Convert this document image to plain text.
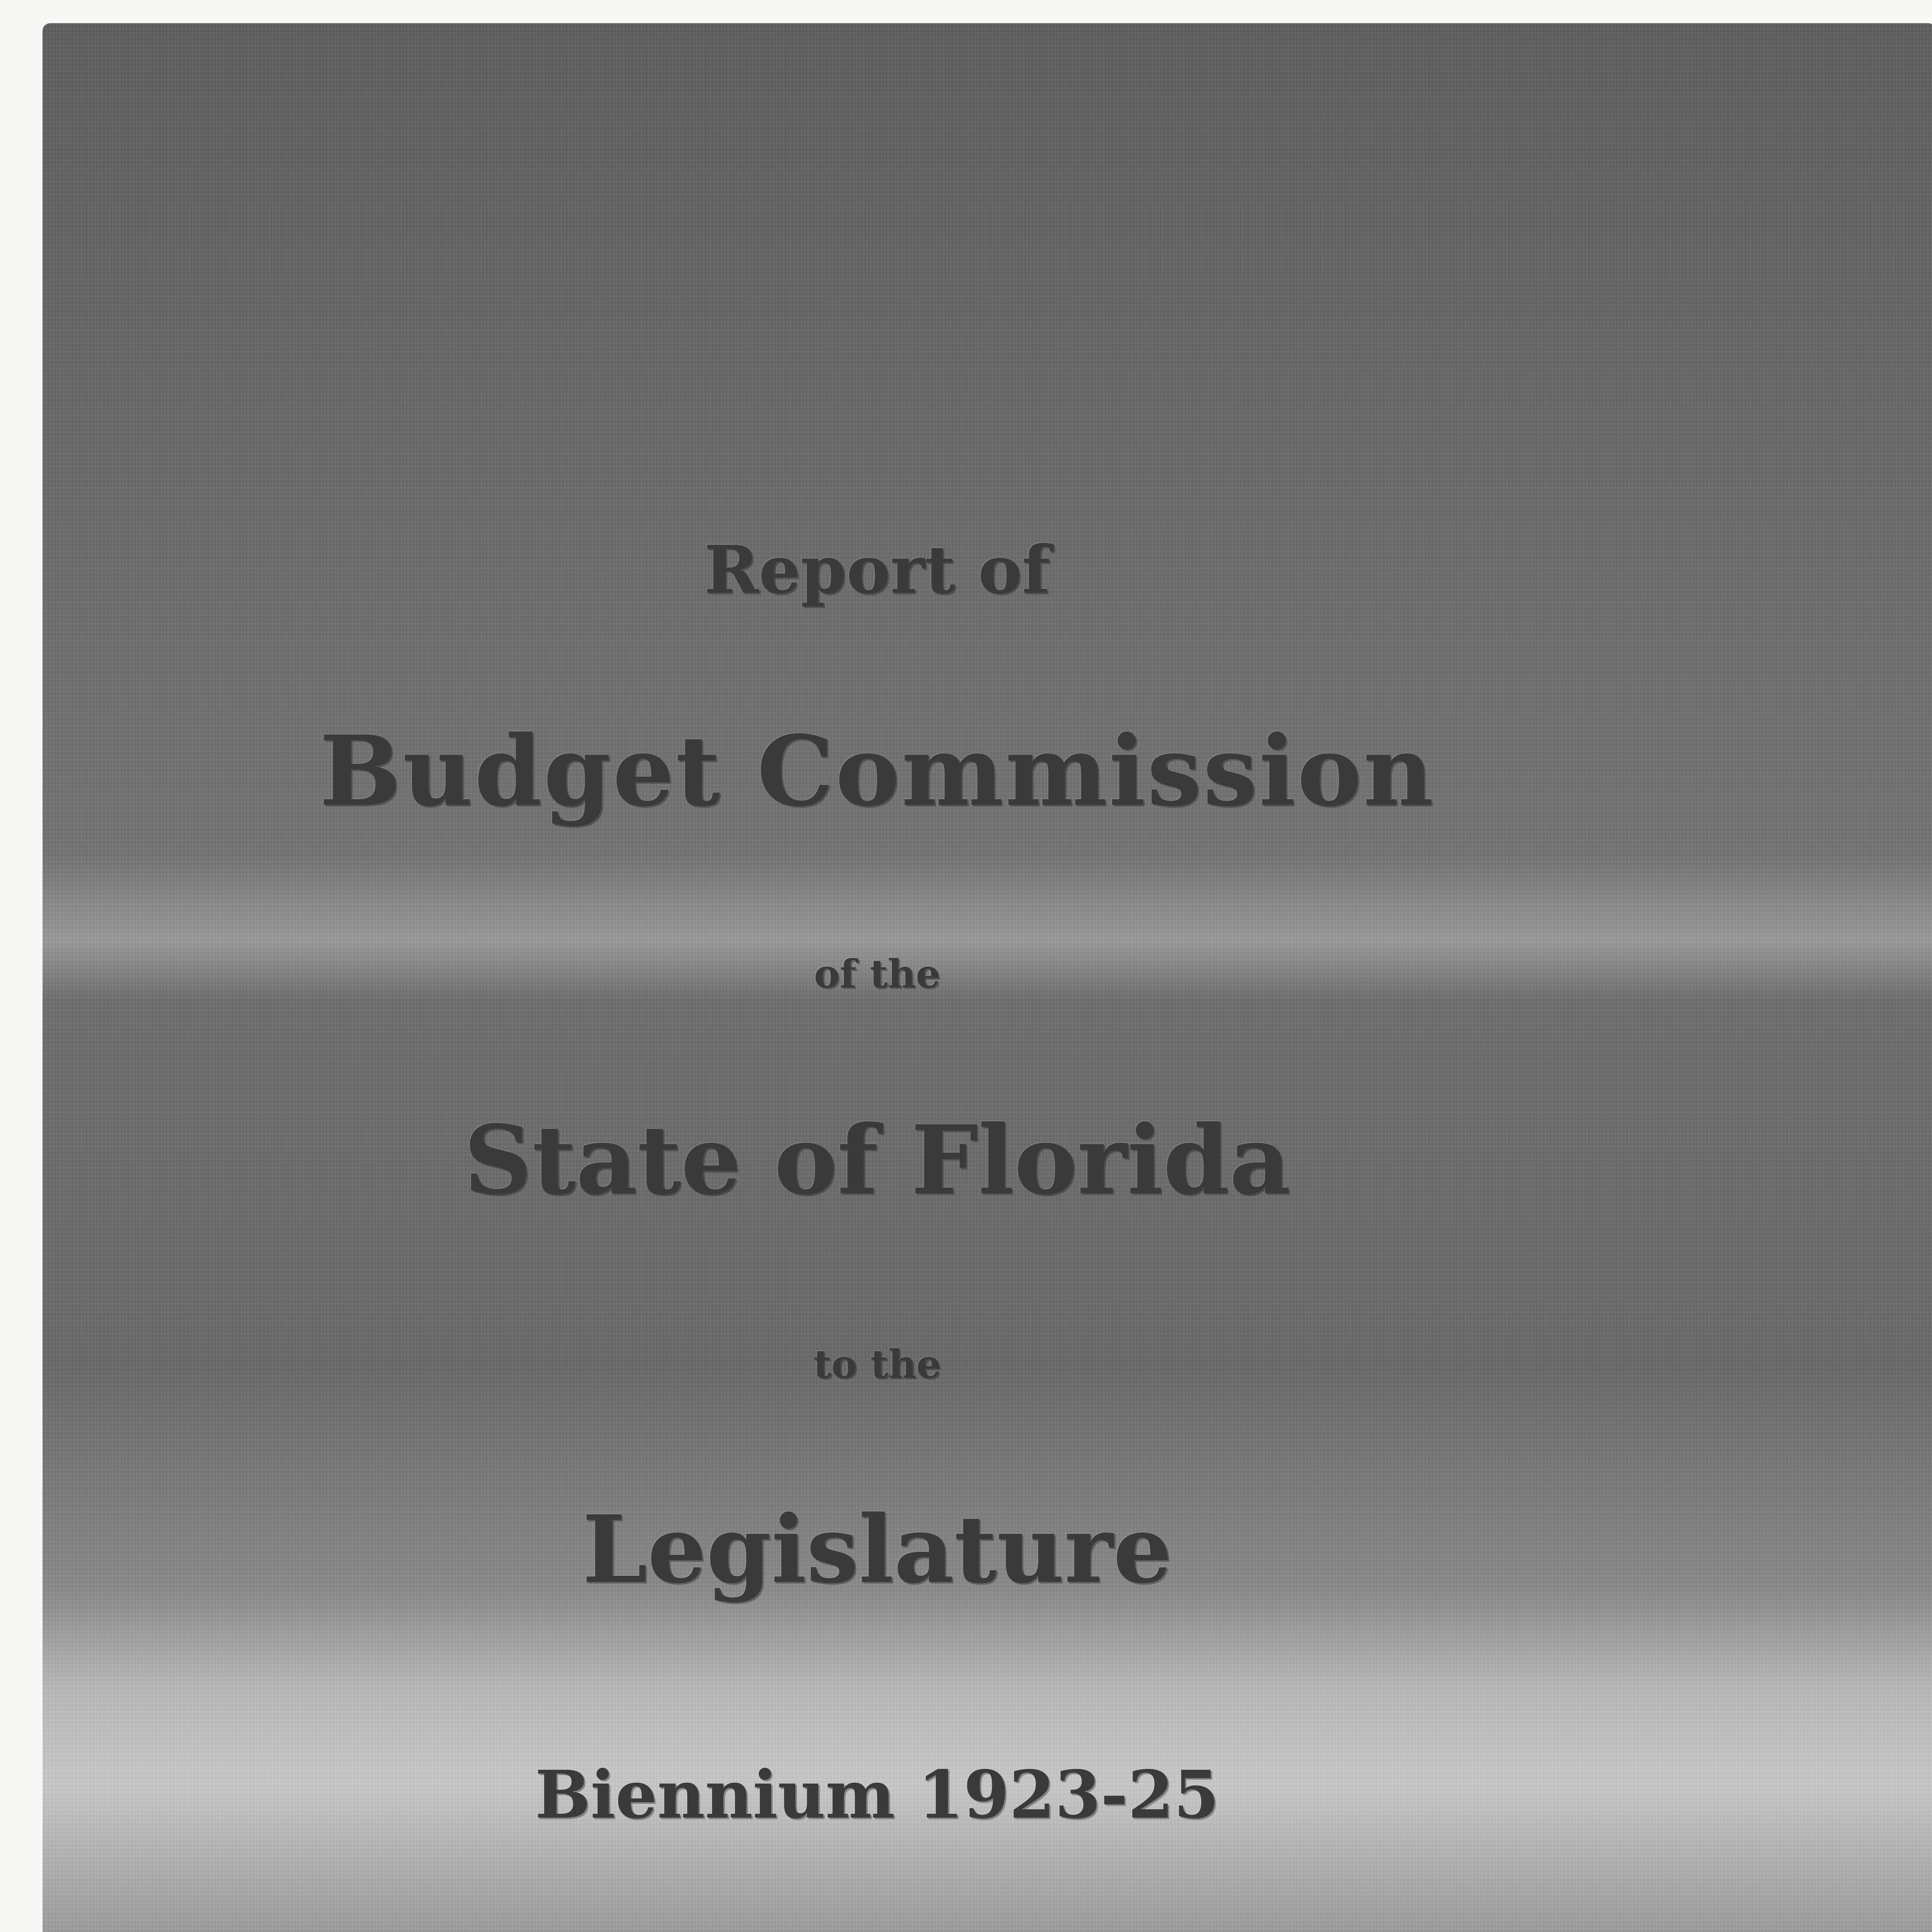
Report of
Budget Commission
of the
State of Florida
to the
Legislature
Biennium 1923-25
